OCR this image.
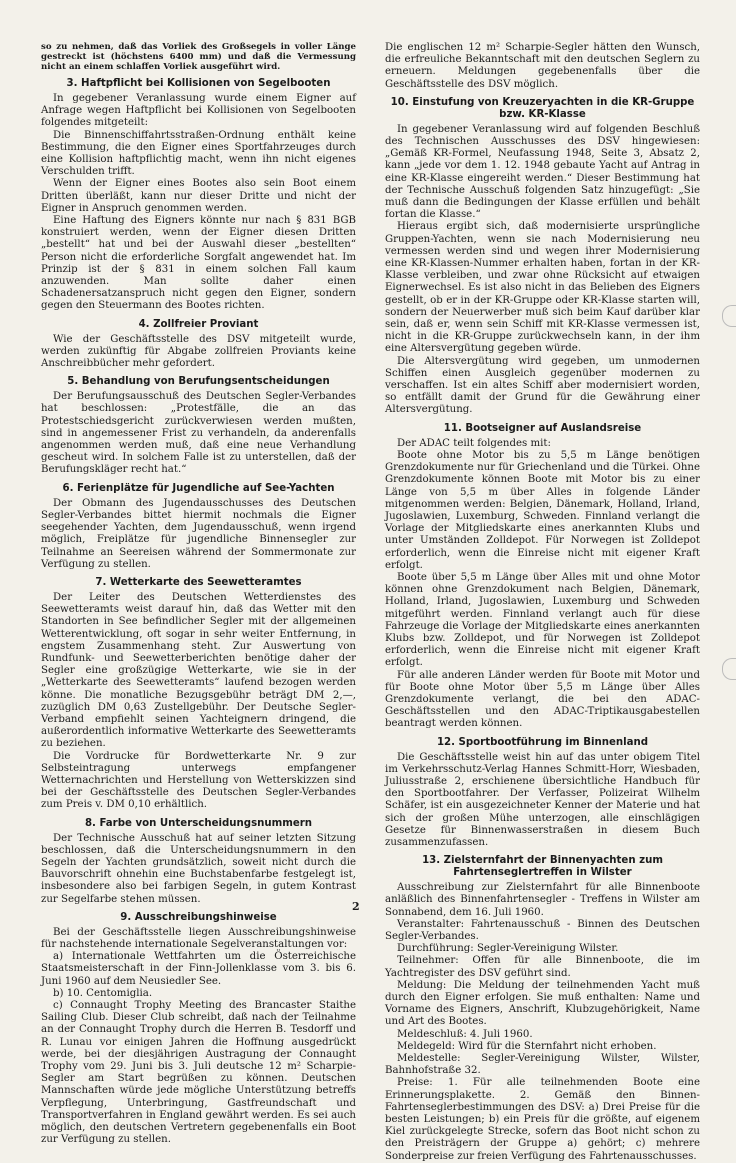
so zu nehmen, daß das Vorliek des Großsegels in voller Länge gestreckt ist (höchstens 6400 mm) und daß die Vermessung nicht an einem schlaffen Vorliek ausgeführt wird.

3. Haftpflicht bei Kollisionen von Segelbooten

In gegebener Veranlassung wurde einem Eigner auf Anfrage wegen Haftpflicht bei Kollisionen von Segelbooten folgendes mitgeteilt:

Die Binnenschiffahrtsstraßen-Ordnung enthält keine Bestimmung, die den Eigner eines Sportfahrzeuges durch eine Kollision haftpflichtig macht, wenn ihn nicht eigenes Verschulden trifft.

Wenn der Eigner eines Bootes also sein Boot einem Dritten überläßt, kann nur dieser Dritte und nicht der Eigner in Anspruch genommen werden.

Eine Haftung des Eigners könnte nur nach § 831 BGB konstruiert werden, wenn der Eigner diesen Dritten „bestellt“ hat und bei der Auswahl dieser „bestellten“ Person nicht die erforderliche Sorgfalt angewendet hat. Im Prinzip ist der § 831 in einem solchen Fall kaum anzuwenden. Man sollte daher einen Schadenersatzanspruch nicht gegen den Eigner, sondern gegen den Steuermann des Bootes richten.

4. Zollfreier Proviant

Wie der Geschäftsstelle des DSV mitgeteilt wurde, werden zukünftig für Abgabe zollfreien Proviants keine Anschreibbücher mehr gefordert.

5. Behandlung von Berufungsentscheidungen

Der Berufungsausschuß des Deutschen Segler-Verbandes hat beschlossen: „Protestfälle, die an das Protestschiedsgericht zurückverwiesen werden mußten, sind in angemessener Frist zu verhandeln, da anderenfalls angenommen werden muß, daß eine neue Verhandlung gescheut wird. In solchem Falle ist zu unterstellen, daß der Berufungskläger recht hat.“

6. Ferienplätze für Jugendliche auf See-Yachten

Der Obmann des Jugendausschusses des Deutschen Segler-Verbandes bittet hiermit nochmals die Eigner seegehender Yachten, dem Jugendausschuß, wenn irgend möglich, Freiplätze für jugendliche Binnensegler zur Teilnahme an Seereisen während der Sommermonate zur Verfügung zu stellen.

7. Wetterkarte des Seewetteramtes

Der Leiter des Deutschen Wetterdienstes des Seewetteramts weist darauf hin, daß das Wetter mit den Standorten in See befindlicher Segler mit der allgemeinen Wetterentwicklung, oft sogar in sehr weiter Entfernung, in engstem Zusammenhang steht. Zur Auswertung von Rundfunk- und Seewetterberichten benötige daher der Segler eine großzügige Wetterkarte, wie sie in der „Wetterkarte des Seewetteramts“ laufend bezogen werden könne. Die monatliche Bezugsgebühr beträgt DM 2,—, zuzüglich DM 0,63 Zustellgebühr. Der Deutsche Segler-Verband empfiehlt seinen Yachteignern dringend, die außerordentlich informative Wetterkarte des Seewetteramts zu beziehen.

Die Vordrucke für Bordwetterkarte Nr. 9 zur Selbsteintragung unterwegs empfangener Wetternachrichten und Herstellung von Wetterskizzen sind bei der Geschäftsstelle des Deutschen Segler-Verbandes zum Preis v. DM 0,10 erhältlich.

8. Farbe von Unterscheidungsnummern

Der Technische Ausschuß hat auf seiner letzten Sitzung beschlossen, daß die Unterscheidungsnummern in den Segeln der Yachten grundsätzlich, soweit nicht durch die Bauvorschrift ohnehin eine Buchstabenfarbe festgelegt ist, insbesondere also bei farbigen Segeln, in gutem Kontrast zur Segelfarbe stehen müssen.

9. Ausschreibungshinweise

Bei der Geschäftsstelle liegen Ausschreibungshinweise für nachstehende internationale Segelveranstaltungen vor:

a) Internationale Wettfahrten um die Österreichische Staatsmeisterschaft in der Finn-Jollenklasse vom 3. bis 6. Juni 1960 auf dem Neusiedler See.

b) 10. Centomiglia.

c) Connaught Trophy Meeting des Brancaster Staithe Sailing Club. Dieser Club schreibt, daß nach der Teilnahme an der Connaught Trophy durch die Herren B. Tesdorff und R. Lunau vor einigen Jahren die Hoffnung ausgedrückt werde, bei der diesjährigen Austragung der Connaught Trophy vom 29. Juni bis 3. Juli deutsche 12 m² Scharpie-Segler am Start begrüßen zu können. Deutschen Mannschaften würde jede mögliche Unterstützung betreffs Verpflegung, Unterbringung, Gastfreundschaft und Transportverfahren in England gewährt werden. Es sei auch möglich, den deutschen Vertretern gegebenenfalls ein Boot zur Verfügung zu stellen.

Die englischen 12 m² Scharpie-Segler hätten den Wunsch, die erfreuliche Bekanntschaft mit den deutschen Seglern zu erneuern. Meldungen gegebenenfalls über die Geschäftsstelle des DSV möglich.

10. Einstufung von Kreuzeryachten in die KR-Gruppe bzw. KR-Klasse

In gegebener Veranlassung wird auf folgenden Beschluß des Technischen Ausschusses des DSV hingewiesen: „Gemäß KR-Formel, Neufassung 1948, Seite 3, Absatz 2, kann „jede vor dem 1. 12. 1948 gebaute Yacht auf Antrag in eine KR-Klasse eingereiht werden.“ Dieser Bestimmung hat der Technische Ausschuß folgenden Satz hinzugefügt: „Sie muß dann die Bedingungen der Klasse erfüllen und behält fortan die Klasse.“

Hieraus ergibt sich, daß modernisierte ursprüngliche Gruppen-Yachten, wenn sie nach Modernisierung neu vermessen werden sind und wegen ihrer Modernisierung eine KR-Klassen-Nummer erhalten haben, fortan in der KR-Klasse verbleiben, und zwar ohne Rücksicht auf etwaigen Eignerwechsel. Es ist also nicht in das Belieben des Eigners gestellt, ob er in der KR-Gruppe oder KR-Klasse starten will, sondern der Neuerwerber muß sich beim Kauf darüber klar sein, daß er, wenn sein Schiff mit KR-Klasse vermessen ist, nicht in die KR-Gruppe zurückwechseln kann, in der ihm eine Altersvergütung gegeben würde.

Die Altersvergütung wird gegeben, um unmodernen Schiffen einen Ausgleich gegenüber modernen zu verschaffen. Ist ein altes Schiff aber modernisiert worden, so entfällt damit der Grund für die Gewährung einer Altersvergütung.

11. Bootseigner auf Auslandsreise

Der ADAC teilt folgendes mit:

Boote ohne Motor bis zu 5,5 m Länge benötigen Grenzdokumente nur für Griechenland und die Türkei. Ohne Grenzdokumente können Boote mit Motor bis zu einer Länge von 5,5 m über Alles in folgende Länder mitgenommen werden: Belgien, Dänemark, Holland, Irland, Jugoslawien, Luxemburg, Schweden. Finnland verlangt die Vorlage der Mitgliedskarte eines anerkannten Klubs und unter Umständen Zolldepot. Für Norwegen ist Zolldepot erforderlich, wenn die Einreise nicht mit eigener Kraft erfolgt.

Boote über 5,5 m Länge über Alles mit und ohne Motor können ohne Grenzdokument nach Belgien, Dänemark, Holland, Irland, Jugoslawien, Luxemburg und Schweden mitgeführt werden. Finnland verlangt auch für diese Fahrzeuge die Vorlage der Mitgliedskarte eines anerkannten Klubs bzw. Zolldepot, und für Norwegen ist Zolldepot erforderlich, wenn die Einreise nicht mit eigener Kraft erfolgt.

Für alle anderen Länder werden für Boote mit Motor und für Boote ohne Motor über 5,5 m Länge über Alles Grenzdokumente verlangt, die bei den ADAC-Geschäftsstellen und den ADAC-Triptikausgabestellen beantragt werden können.

12. Sportbootführung im Binnenland

Die Geschäftsstelle weist hin auf das unter obigem Titel im Verkehrsschutz-Verlag Hannes Schmitt-Horr, Wiesbaden, Juliusstraße 2, erschienene übersichtliche Handbuch für den Sportbootfahrer. Der Verfasser, Polizeirat Wilhelm Schäfer, ist ein ausgezeichneter Kenner der Materie und hat sich der großen Mühe unterzogen, alle einschlägigen Gesetze für Binnenwasserstraßen in diesem Buch zusammenzufassen.

13. Zielsternfahrt der Binnenyachten zum Fahrtenseglertreffen in Wilster

Ausschreibung zur Zielsternfahrt für alle Binnenboote anläßlich des Binnenfahrtensegler - Treffens in Wilster am Sonnabend, dem 16. Juli 1960.

Veranstalter: Fahrtenausschuß - Binnen des Deutschen Segler-Verbandes.

Durchführung: Segler-Vereinigung Wilster.

Teilnehmer: Offen für alle Binnenboote, die im Yachtregister des DSV geführt sind.

Meldung: Die Meldung der teilnehmenden Yacht muß durch den Eigner erfolgen. Sie muß enthalten: Name und Vorname des Eigners, Anschrift, Klubzugehörigkeit, Name und Art des Bootes.

Meldeschluß: 4. Juli 1960.

Meldegeld: Wird für die Sternfahrt nicht erhoben.

Meldestelle: Segler-Vereinigung Wilster, Wilster, Bahnhofstraße 32.

Preise: 1. Für alle teilnehmenden Boote eine Erinnerungsplakette. 2. Gemäß den Binnen-Fahrtenseglerbestimmungen des DSV: a) Drei Preise für die besten Leistungen; b) ein Preis für die größte, auf eigenem Kiel zurückgelegte Strecke, sofern das Boot nicht schon zu den Preisträgern der Gruppe a) gehört; c) mehrere Sonderpreise zur freien Verfügung des Fahrtenausschusses.

2
